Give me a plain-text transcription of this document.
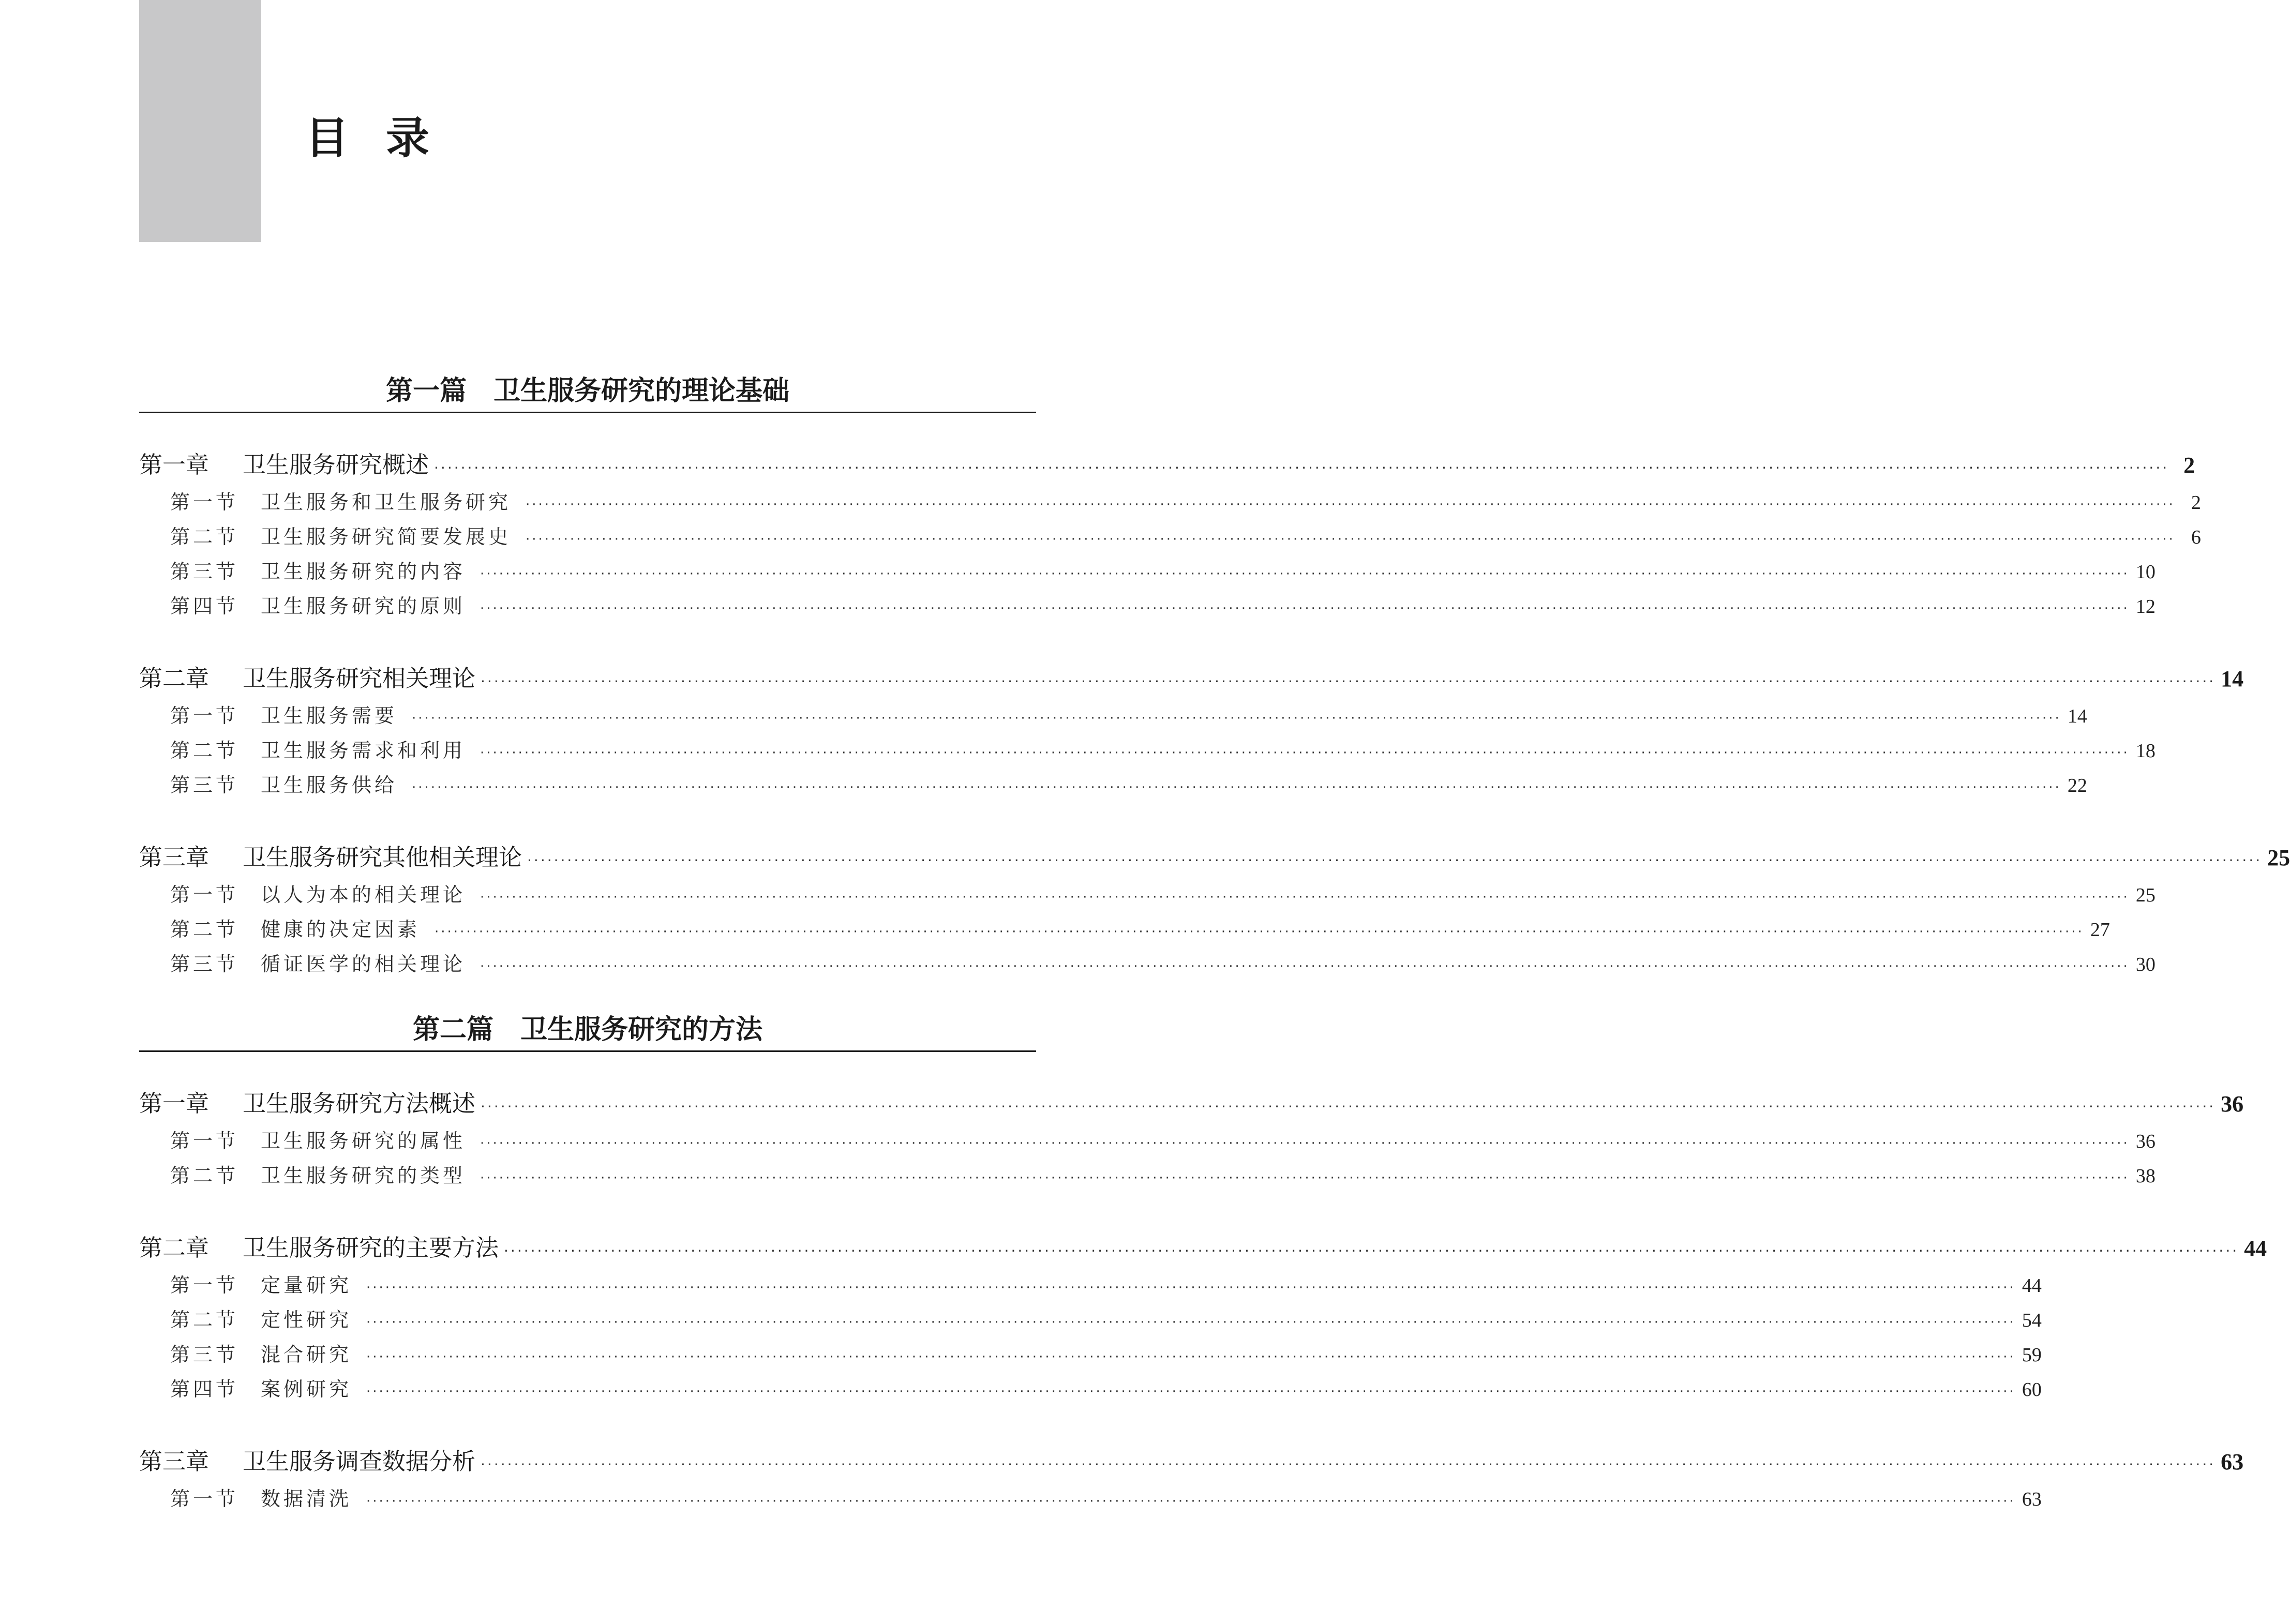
目录
第一篇　卫生服务研究的理论基础
第一章 卫生服务研究概述 ···································································································································································································································································· 2
第一节 卫生服务和卫生服务研究 ···································································································································································································································································· 2
第二节 卫生服务研究简要发展史 ···································································································································································································································································· 6
第三节 卫生服务研究的内容 ···································································································································································································································································· 10
第四节 卫生服务研究的原则 ···································································································································································································································································· 12
第二章 卫生服务研究相关理论 ···································································································································································································································································· 14
第一节 卫生服务需要 ···································································································································································································································································· 14
第二节 卫生服务需求和利用 ···································································································································································································································································· 18
第三节 卫生服务供给 ···································································································································································································································································· 22
第三章 卫生服务研究其他相关理论 ···································································································································································································································································· 25
第一节 以人为本的相关理论 ···································································································································································································································································· 25
第二节 健康的决定因素 ···································································································································································································································································· 27
第三节 循证医学的相关理论 ···································································································································································································································································· 30
第二篇　卫生服务研究的方法
第一章 卫生服务研究方法概述 ···································································································································································································································································· 36
第一节 卫生服务研究的属性 ···································································································································································································································································· 36
第二节 卫生服务研究的类型 ···································································································································································································································································· 38
第二章 卫生服务研究的主要方法 ···································································································································································································································································· 44
第一节 定量研究 ···································································································································································································································································· 44
第二节 定性研究 ···································································································································································································································································· 54
第三节 混合研究 ···································································································································································································································································· 59
第四节 案例研究 ···································································································································································································································································· 60
第三章 卫生服务调查数据分析 ···································································································································································································································································· 63
第一节 数据清洗 ···································································································································································································································································· 63
